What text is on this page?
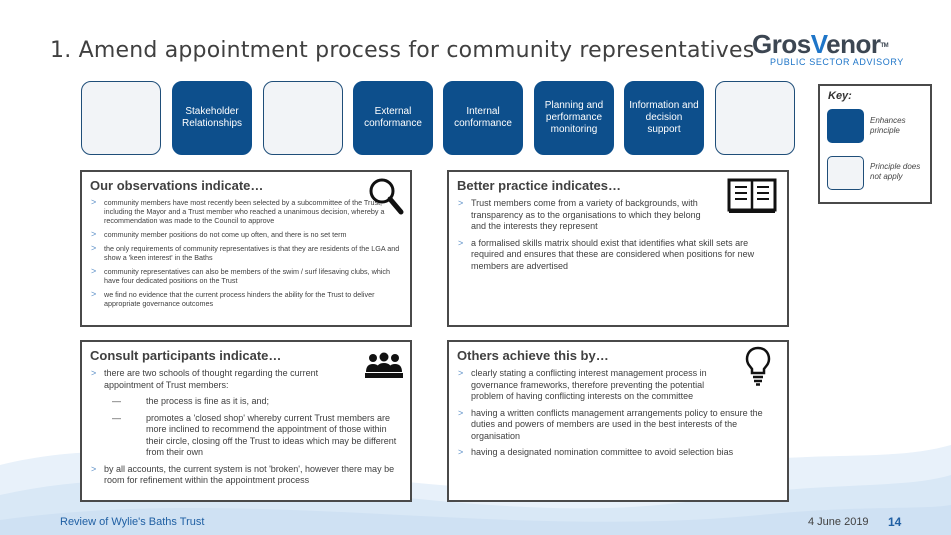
1. Amend appointment process for community representatives
GrosVenor™
PUBLIC SECTOR ADVISORY
Stakeholder Relationships
External conformance
Internal conformance
Planning and performance monitoring
Information and decision support
Key:
Enhances principle
Principle does not apply
Our observations indicate…
> community members have most recently been selected by a subcommittee of the Trust, including the Mayor and a Trust member who reached a unanimous decision, whereby a recommendation was made to the Council to approve
> community member positions do not come up often, and there is no set term
> the only requirements of community representatives is that they are residents of the LGA and show a 'keen interest' in the Baths
> community representatives can also be members of the swim / surf lifesaving clubs, which have four dedicated positions on the Trust
> we find no evidence that the current process hinders the ability for the Trust to deliver appropriate governance outcomes
Better practice indicates…
> Trust members come from a variety of backgrounds, with transparency as to the organisations to which they belong and the interests they represent
> a formalised skills matrix should exist that identifies what skill sets are required and ensures that these are considered when positions for new members are advertised
Consult participants indicate…
> there are two schools of thought regarding the current appointment of Trust members:
— the process is fine as it is, and;
— promotes a 'closed shop' whereby current Trust members are more inclined to recommend the appointment of those within their circle, closing off the Trust to ideas which may be different from their own
> by all accounts, the current system is not 'broken', however there may be room for refinement within the appointment process
Others achieve this by…
> clearly stating a conflicting interest management process in governance frameworks, therefore preventing the potential problem of having conflicting interests on the committee
> having a written conflicts management arrangements policy to ensure the duties and powers of members are used in the best interests of the organisation
> having a designated nomination committee to avoid selection bias
Review of Wylie's Baths Trust	4 June 2019 14
